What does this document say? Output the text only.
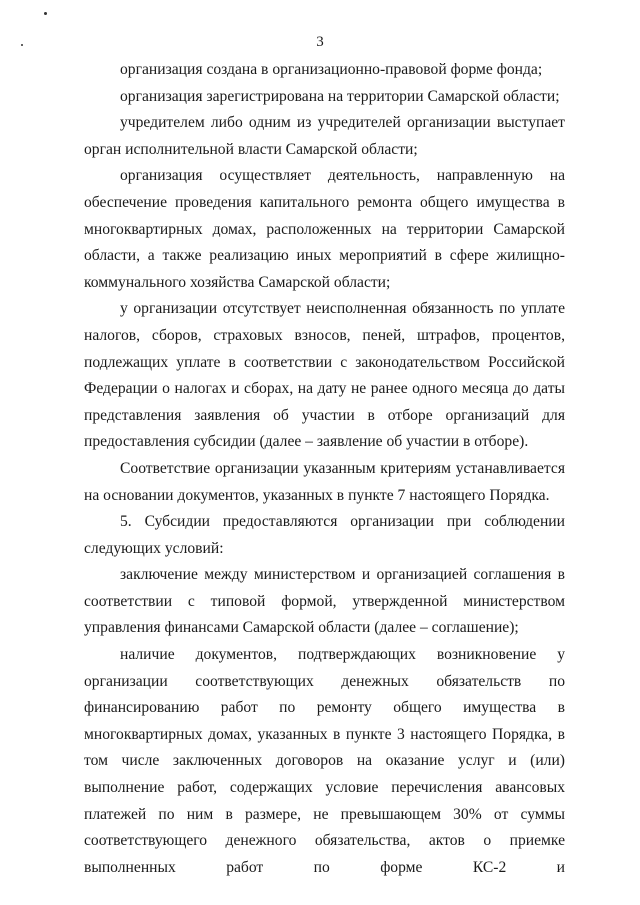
3

организация создана в организационно-правовой форме фонда;

организация зарегистрирована на территории Самарской области;

учредителем либо одним из учредителей организации выступает орган исполнительной власти Самарской области;

организация осуществляет деятельность, направленную на обеспечение проведения капитального ремонта общего имущества в многоквартирных домах, расположенных на территории Самарской области, а также реализацию иных мероприятий в сфере жилищно-коммунального хозяйства Самарской области;

у организации отсутствует неисполненная обязанность по уплате налогов, сборов, страховых взносов, пеней, штрафов, процентов, подлежащих уплате в соответствии с законодательством Российской Федерации о налогах и сборах, на дату не ранее одного месяца до даты представления заявления об участии в отборе организаций для предоставления субсидии (далее – заявление об участии в отборе).

Соответствие организации указанным критериям устанавливается на основании документов, указанных в пункте 7 настоящего Порядка.

5. Субсидии предоставляются организации при соблюдении следующих условий:

заключение между министерством и организацией соглашения в соответствии с типовой формой, утвержденной министерством управления финансами Самарской области (далее – соглашение);

наличие документов, подтверждающих возникновение у организации соответствующих денежных обязательств по финансированию работ по ремонту общего имущества в многоквартирных домах, указанных в пункте 3 настоящего Порядка, в том числе заключенных договоров на оказание услуг и (или) выполнение работ, содержащих условие перечисления авансовых платежей по ним в размере, не превышающем 30% от суммы соответствующего денежного обязательства, актов о приемке выполненных работ по форме КС-2 и
